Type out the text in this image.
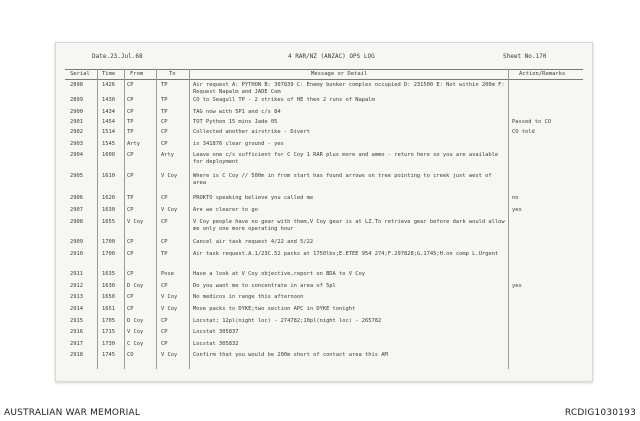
Date.23.Jul.68	4 RAR/NZ (ANZAC) OPS LOG	Sheet No.170
Serial Time	From	To	Message or Detail	Action/Remarks
2898	1426	CP	TP	Air request A: PYTHON B: 307839 C: Enemy bunker complex occupied D: 231500 E: Not within 200m F: Request Napalm and JADE Com
2899	1430	CP	TP	CO to Seagull TP - 2 strikes of HE then 2 runs of Napalm
2900	1434	CP	TP	TAG now with 5P1 and c/s 84
2901	1454	TP	CP	TOT Python 15 mins Jade 05	Passed to CO
2902	1514	TP	CP	Collected another airstrike - Divert	CO told
2903	1545	Arty	CP	is 341876 clear ground - yes
2904	1600	CP	Arty	Leave one c/s sufficient for C Coy 1 RAR plus more and ammo - return here so you are available for deployment
2905	1610	CP	V Coy	Where is C Coy // 500m in from start has found arrows on tree pointing to creek just west of area
2906	1620	TP	CP	PROKTO speaking believe you called me	no
2907	1630	CP	V Coy	Are we clearer to go	yes
2908	1655	V Coy	CP	V Coy people have no gear with them,V Coy gear is at LZ.To retrieve gear before dark would allow me only one more operating hour
2909	1700	CP	CP	Cancel air task request 4/22 and 5/22
2910	1700	CP	TP	Air task request.A.1/23C.52 packs at 1750lbs;E.ETEE 954 274;F.297828;G.1745;H.on comp L.Urgent
2911	1635	CP	Pose	Have a look at V Coy objective,report on BDA to V Coy
2912	1630	D Coy	CP	Do you want me to concentrate in area of 5pl	yes
2913	1650	CP	V Coy	No medicos in range this afternoon
2914	1651	CP	V Coy	Move packs to DYKE;two section APC in DYKE tonight
2915	1705	D Coy	CP	Locstat; 12pl(night loc) - 274782;10pl(night loc) - 265782
2916	1715	V Coy	CP	Locstat 305837
2917	1730	C Coy	CP	Locstat 305832
2918	1745	CO	V Coy	Confirm that you would be 200m short of contact area this AM
AUSTRALIAN WAR MEMORIAL	RCDIG1030193
